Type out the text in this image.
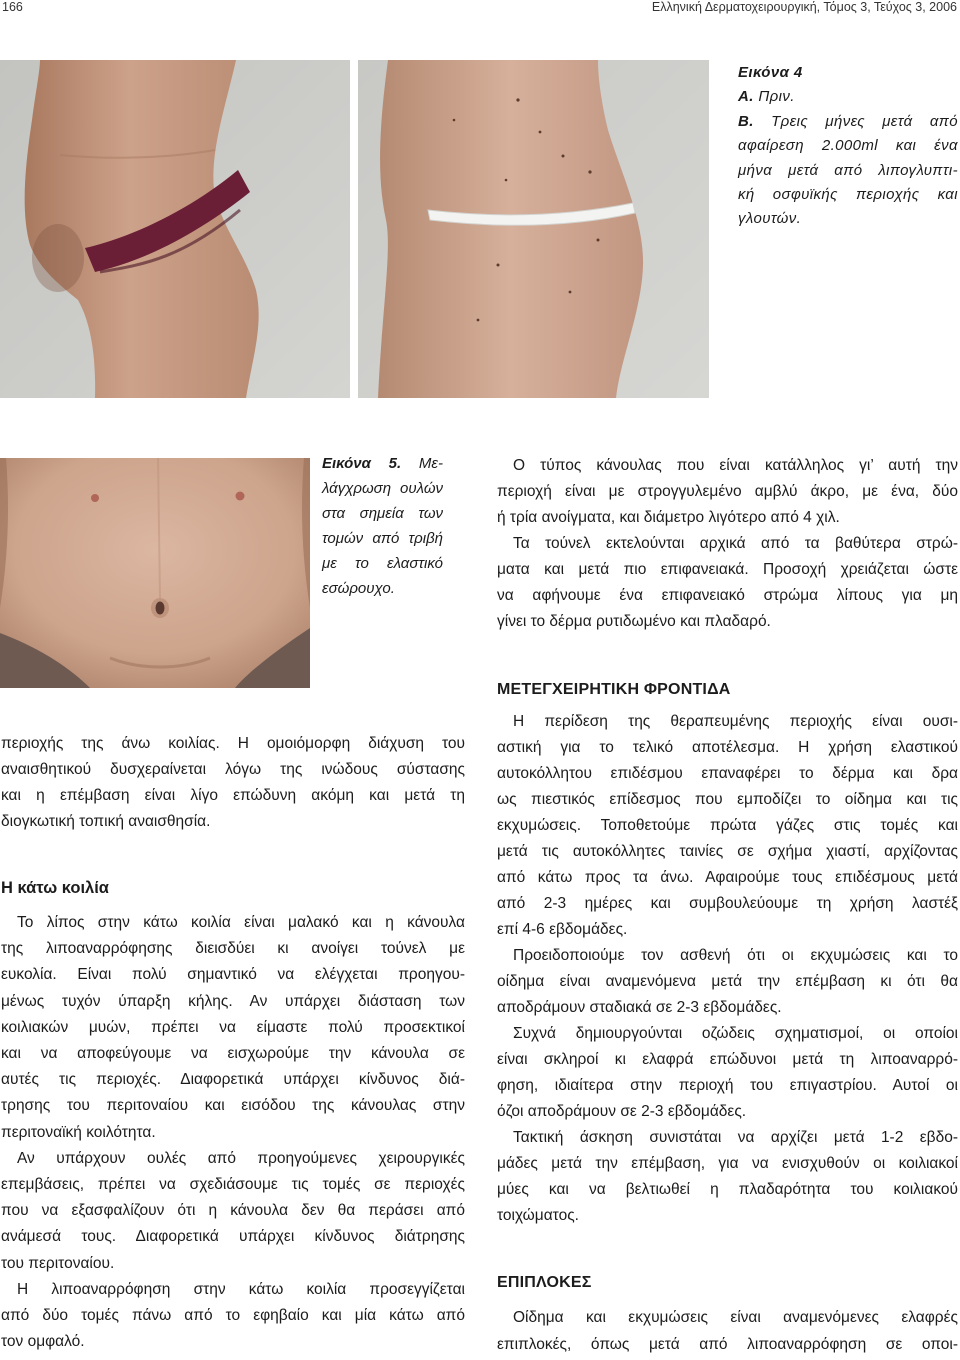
166	Ελληνική Δερματοχειρουργική, Τόμος 3, Τεύχος 3, 2006
Εικόνα 4
Α. Πριν.
Β. Τρεις μήνες μετά από
αφαίρεση 2.000ml και ένα
μήνα μετά από λιπογλυπτι-
κή οσφυϊκής περιοχής και
γλουτών.
Εικόνα 5. Με-
λάγχρωση ουλών
στα σημεία των
τομών από τριβή
με το ελαστικό
εσώρουχο.
Ο τύπος κάνουλας που είναι κατάλληλος γι’ αυτή την
περιοχή είναι με στρογγυλεμένο αμβλύ άκρο, με ένα, δύο
ή τρία ανοίγματα, και διάμετρο λιγότερο από 4 χιλ.
Τα τούνελ εκτελούνται αρχικά από τα βαθύτερα στρώ-
ματα και μετά πιο επιφανειακά. Προσοχή χρειάζεται ώστε
να αφήνουμε ένα επιφανειακό στρώμα λίπους για μη
γίνει το δέρμα ρυτιδωμένο και πλαδαρό.
ΜΕΤΕΓΧΕΙΡΗΤΙΚΗ ΦΡΟΝΤΙΔΑ
Η περίδεση της θεραπευμένης περιοχής είναι ουσι-
αστική για το τελικό αποτέλεσμα. Η χρήση ελαστικού
αυτοκόλλητου επιδέσμου επαναφέρει το δέρμα και δρα
ως πιεστικός επίδεσμος που εμποδίζει το οίδημα και τις
εκχυμώσεις. Τοποθετούμε πρώτα γάζες στις τομές και
μετά τις αυτοκόλλητες ταινίες σε σχήμα χιαστί, αρχίζοντας
από κάτω προς τα άνω. Αφαιρούμε τους επιδέσμους μετά
από 2-3 ημέρες και συμβουλεύουμε τη χρήση λαστέξ
επί 4-6 εβδομάδες.
Προειδοποιούμε τον ασθενή ότι οι εκχυμώσεις και το
οίδημα είναι αναμενόμενα μετά την επέμβαση κι ότι θα
αποδράμουν σταδιακά σε 2-3 εβδομάδες.
Συχνά δημιουργούνται οζώδεις σχηματισμοί, οι οποίοι
είναι σκληροί κι ελαφρά επώδυνοι μετά τη λιποαναρρό-
φηση, ιδιαίτερα στην περιοχή του επιγαστρίου. Αυτοί οι
όζοι αποδράμουν σε 2-3 εβδομάδες.
Τακτική άσκηση συνιστάται να αρχίζει μετά 1-2 εβδο-
μάδες μετά την επέμβαση, για να ενισχυθούν οι κοιλιακοί
μύες και να βελτιωθεί η πλαδαρότητα του κοιλιακού
τοιχώματος.
ΕΠΙΠΛΟΚΕΣ
Οίδημα και εκχυμώσεις είναι αναμενόμενες ελαφρές
επιπλοκές, όπως μετά από λιποαναρρόφηση σε οποι-
περιοχής της άνω κοιλίας. Η ομοιόμορφη διάχυση του
αναισθητικού δυσχεραίνεται λόγω της ινώδους σύστασης
και η επέμβαση είναι λίγο επώδυνη ακόμη και μετά τη
διογκωτική τοπική αναισθησία.
Η κάτω κοιλία
Το λίπος στην κάτω κοιλία είναι μαλακό και η κάνουλα
της λιποαναρρόφησης διεισδύει κι ανοίγει τούνελ με
ευκολία. Είναι πολύ σημαντικό να ελέγχεται προηγου-
μένως τυχόν ύπαρξη κήλης. Αν υπάρχει διάσταση των
κοιλιακών μυών, πρέπει να είμαστε πολύ προσεκτικοί
και να αποφεύγουμε να εισχωρούμε την κάνουλα σε
αυτές τις περιοχές. Διαφορετικά υπάρχει κίνδυνος διά-
τρησης του περιτοναίου και εισόδου της κάνουλας στην
περιτοναϊκή κοιλότητα.
Αν υπάρχουν ουλές από προηγούμενες χειρουργικές
επεμβάσεις, πρέπει να σχεδιάσουμε τις τομές σε περιοχές
που να εξασφαλίζουν ότι η κάνουλα δεν θα περάσει από
ανάμεσά τους. Διαφορετικά υπάρχει κίνδυνος διάτρησης
του περιτοναίου.
Η λιποαναρρόφηση στην κάτω κοιλία προσεγγίζεται
από δύο τομές πάνω από το εφηβαίο και μία κάτω από
τον ομφαλό.
